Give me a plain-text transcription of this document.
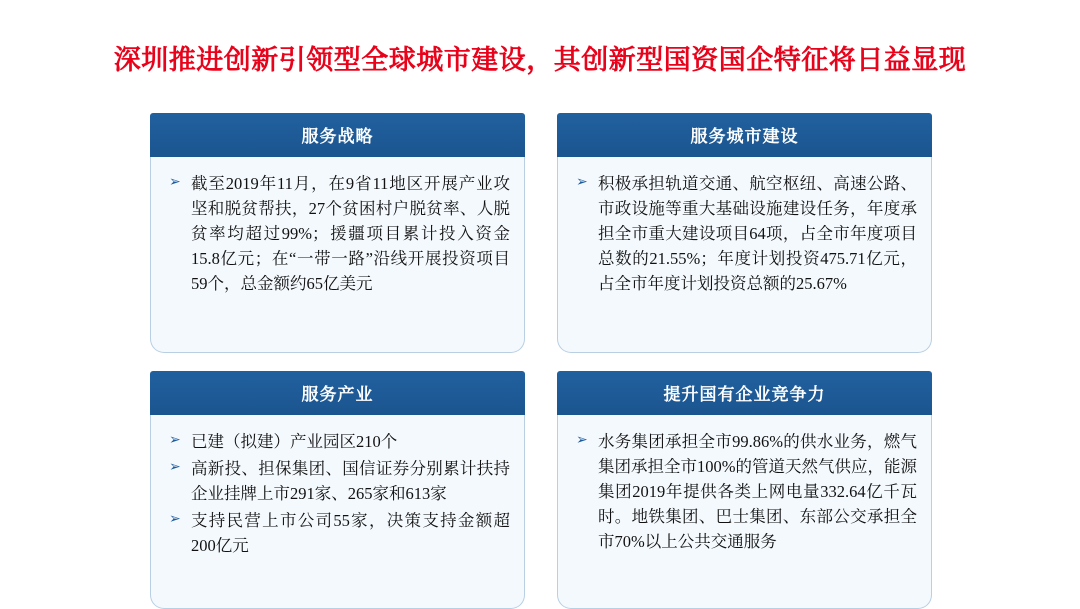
深圳推进创新引领型全球城市建设，其创新型国资国企特征将日益显现
服务战略
➢ 截至2019年11月，在9省11地区开展产业攻坚和脱贫帮扶，27个贫困村户脱贫率、人脱贫率均超过99%；援疆项目累计投入资金15.8亿元；在“一带一路”沿线开展投资项目59个，总金额约65亿美元
服务城市建设
➢ 积极承担轨道交通、航空枢纽、高速公路、市政设施等重大基础设施建设任务，年度承担全市重大建设项目64项，占全市年度项目总数的21.55%；年度计划投资475.71亿元，占全市年度计划投资总额的25.67%
服务产业
➢ 已建（拟建）产业园区210个
➢ 高新投、担保集团、国信证券分别累计扶持企业挂牌上市291家、265家和613家
➢ 支持民营上市公司55家，决策支持金额超200亿元
提升国有企业竞争力
➢ 水务集团承担全市99.86%的供水业务，燃气集团承担全市100%的管道天然气供应，能源集团2019年提供各类上网电量332.64亿千瓦时。地铁集团、巴士集团、东部公交承担全市70%以上公共交通服务
